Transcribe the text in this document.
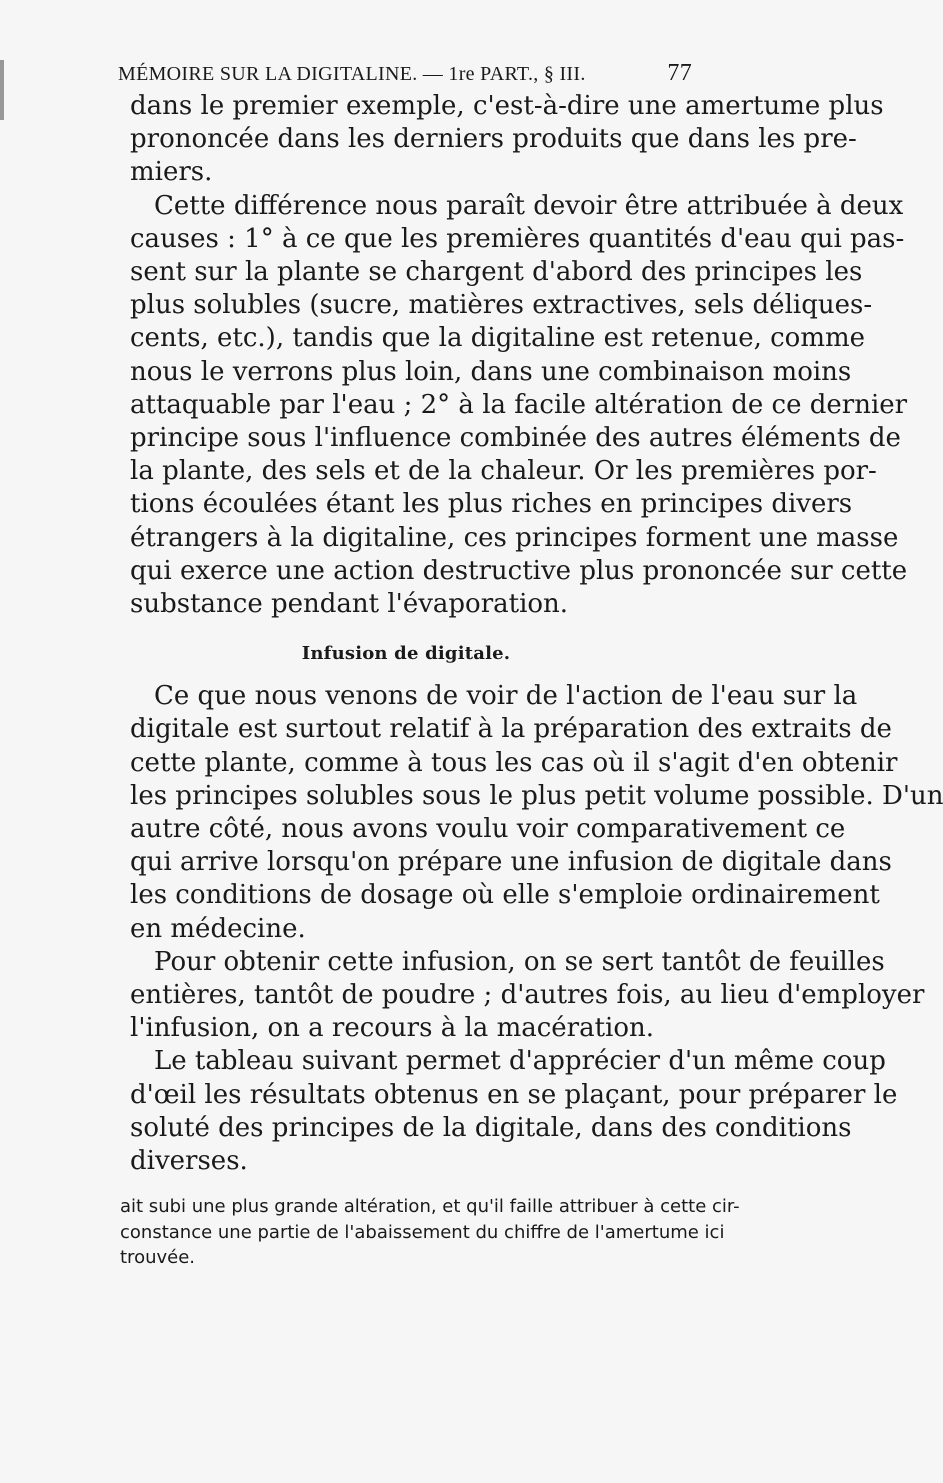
MÉMOIRE SUR LA DIGITALINE. — 1re PART., § III.	77

dans le premier exemple, c'est-à-dire une amertume plus
prononcée dans les derniers produits que dans les pre-
miers.

Cette différence nous paraît devoir être attribuée à deux
causes : 1° à ce que les premières quantités d'eau qui pas-
sent sur la plante se chargent d'abord des principes les
plus solubles (sucre, matières extractives, sels déliques-
cents, etc.), tandis que la digitaline est retenue, comme
nous le verrons plus loin, dans une combinaison moins
attaquable par l'eau ; 2° à la facile altération de ce dernier
principe sous l'influence combinée des autres éléments de
la plante, des sels et de la chaleur. Or les premières por-
tions écoulées étant les plus riches en principes divers
étrangers à la digitaline, ces principes forment une masse
qui exerce une action destructive plus prononcée sur cette
substance pendant l'évaporation.

Infusion de digitale.

Ce que nous venons de voir de l'action de l'eau sur la
digitale est surtout relatif à la préparation des extraits de
cette plante, comme à tous les cas où il s'agit d'en obtenir
les principes solubles sous le plus petit volume possible. D'un
autre côté, nous avons voulu voir comparativement ce
qui arrive lorsqu'on prépare une infusion de digitale dans
les conditions de dosage où elle s'emploie ordinairement
en médecine.

Pour obtenir cette infusion, on se sert tantôt de feuilles
entières, tantôt de poudre ; d'autres fois, au lieu d'employer
l'infusion, on a recours à la macération.

Le tableau suivant permet d'apprécier d'un même coup
d'œil les résultats obtenus en se plaçant, pour préparer le
soluté des principes de la digitale, dans des conditions
diverses.

ait subi une plus grande altération, et qu'il faille attribuer à cette cir-
constance une partie de l'abaissement du chiffre de l'amertume ici
trouvée.
